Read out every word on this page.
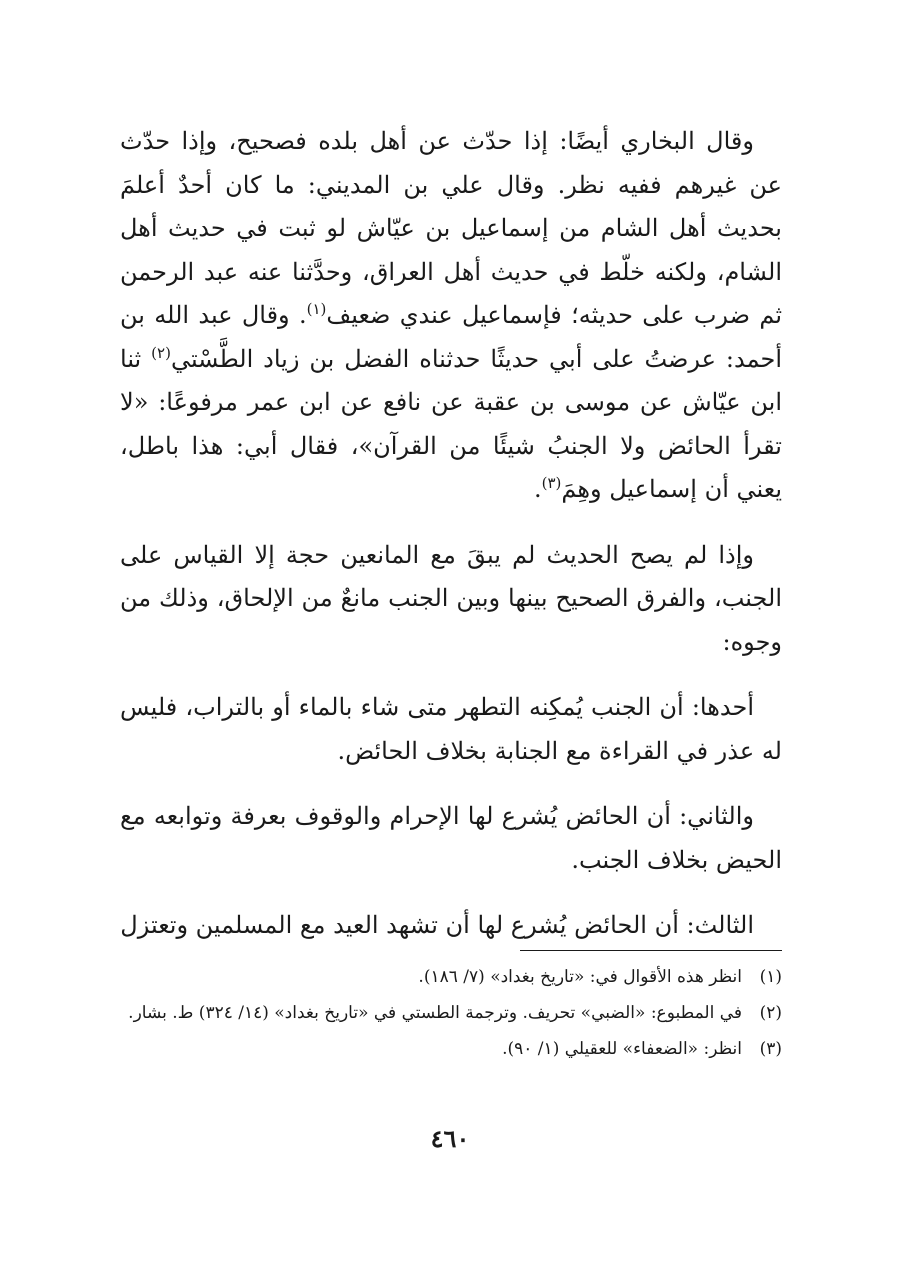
وقال البخاري أيضًا: إذا حدّث عن أهل بلده فصحيح، وإذا حدّث عن غيرهم ففيه نظر. وقال علي بن المديني: ما كان أحدٌ أعلمَ بحديث أهل الشام من إسماعيل بن عيّاش لو ثبت في حديث أهل الشام، ولكنه خلّط في حديث أهل العراق، وحدَّثنا عنه عبد الرحمن ثم ضرب على حديثه؛ فإسماعيل عندي ضعيف$^{(١)}$. وقال عبد الله بن أحمد: عرضتُ على أبي حديثًا حدثناه الفضل بن زياد الطَّسْتي$^{(٢)}$ ثنا ابن عيّاش عن موسى بن عقبة عن نافع عن ابن عمر مرفوعًا: «لا تقرأ الحائض ولا الجنبُ شيئًا من القرآن»، فقال أبي: هذا باطل، يعني أن إسماعيل وهِمَ$^{(٣)}$.

وإذا لم يصح الحديث لم يبقَ مع المانعين حجة إلا القياس على الجنب، والفرق الصحيح بينها وبين الجنب مانعٌ من الإلحاق، وذلك من وجوه:

أحدها: أن الجنب يُمكِنه التطهر متى شاء بالماء أو بالتراب، فليس له عذر في القراءة مع الجنابة بخلاف الحائض.

والثاني: أن الحائض يُشرع لها الإحرام والوقوف بعرفة وتوابعه مع الحيض بخلاف الجنب.

الثالث: أن الحائض يُشرع لها أن تشهد العيد مع المسلمين وتعتزل

(١)
انظر هذه الأقوال في: «تاريخ بغداد» (٧/ ١٨٦).
(٢)
في المطبوع: «الضبي» تحريف. وترجمة الطستي في «تاريخ بغداد» (١٤/ ٣٢٤) ط. بشار.
(٣)
انظر: «الضعفاء» للعقيلي (١/ ٩٠).
٤٦٠
